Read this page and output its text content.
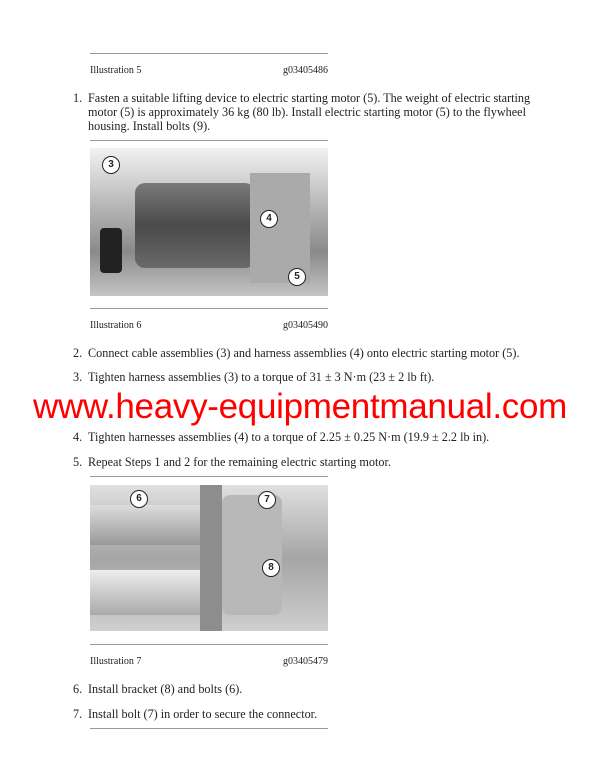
Illustration 5	g03405486
1. Fasten a suitable lifting device to electric starting motor (5). The weight of electric starting motor (5) is approximately 36 kg (80 lb). Install electric starting motor (5) to the flywheel housing. Install bolts (9).
3
4
5
Illustration 6	g03405490
2. Connect cable assemblies (3) and harness assemblies (4) onto electric starting motor (5).
3. Tighten harness assemblies (3) to a torque of 31 ± 3 N·m (23 ± 2 lb ft).
www.heavy-equipmentmanual.com
4. Tighten harnesses assemblies (4) to a torque of 2.25 ± 0.25 N·m (19.9 ± 2.2 lb in).
5. Repeat Steps 1 and 2 for the remaining electric starting motor.
6	7
8
Illustration 7	g03405479
6. Install bracket (8) and bolts (6).
7. Install bolt (7) in order to secure the connector.
